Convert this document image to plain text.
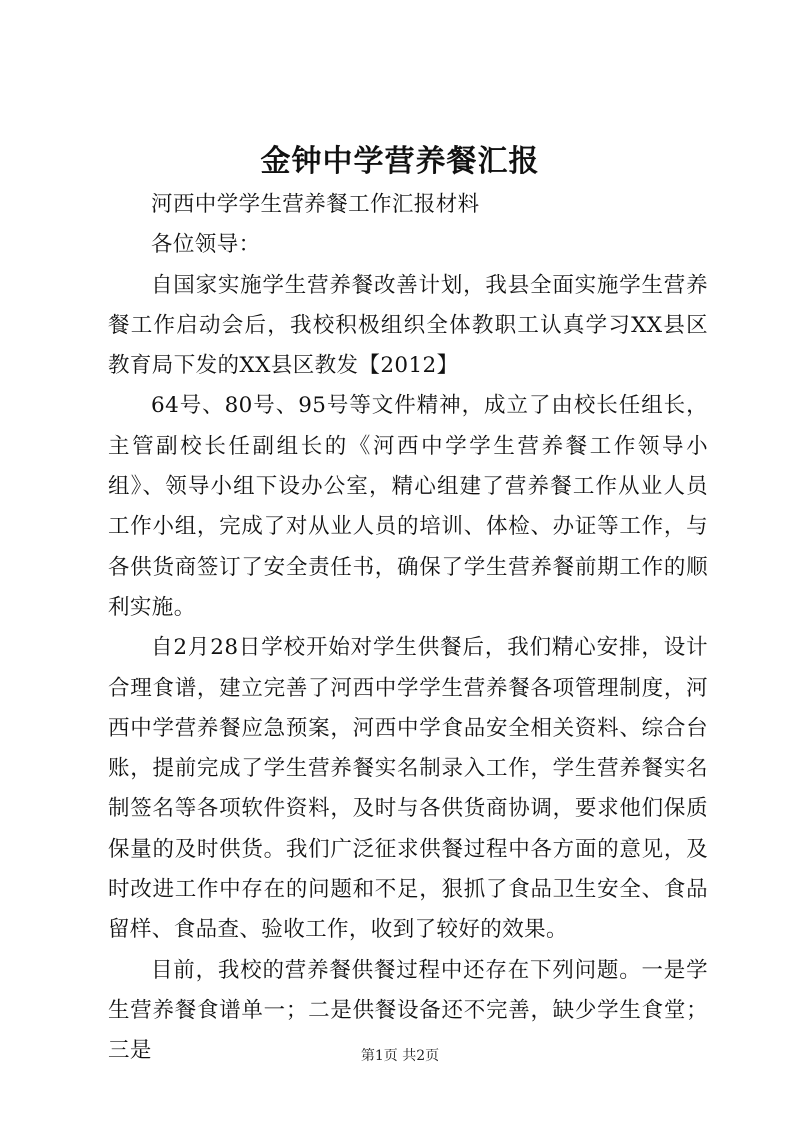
金钟中学营养餐汇报

河西中学学生营养餐工作汇报材料

各位领导：

自国家实施学生营养餐改善计划，我县全面实施学生营养餐工作启动会后，我校积极组织全体教职工认真学习XX县区教育局下发的XX县区教发【2012】

64号、80号、95号等文件精神，成立了由校长任组长，主管副校长任副组长的《河西中学学生营养餐工作领导小组》、领导小组下设办公室，精心组建了营养餐工作从业人员工作小组，完成了对从业人员的培训、体检、办证等工作，与各供货商签订了安全责任书，确保了学生营养餐前期工作的顺利实施。

自2月28日学校开始对学生供餐后，我们精心安排，设计合理食谱，建立完善了河西中学学生营养餐各项管理制度，河西中学营养餐应急预案，河西中学食品安全相关资料、综合台账，提前完成了学生营养餐实名制录入工作，学生营养餐实名制签名等各项软件资料，及时与各供货商协调，要求他们保质保量的及时供货。我们广泛征求供餐过程中各方面的意见，及时改进工作中存在的问题和不足，狠抓了食品卫生安全、食品留样、食品查、验收工作，收到了较好的效果。

目前，我校的营养餐供餐过程中还存在下列问题。一是学生营养餐食谱单一；二是供餐设备还不完善，缺少学生食堂；三是	第1页 共2页
